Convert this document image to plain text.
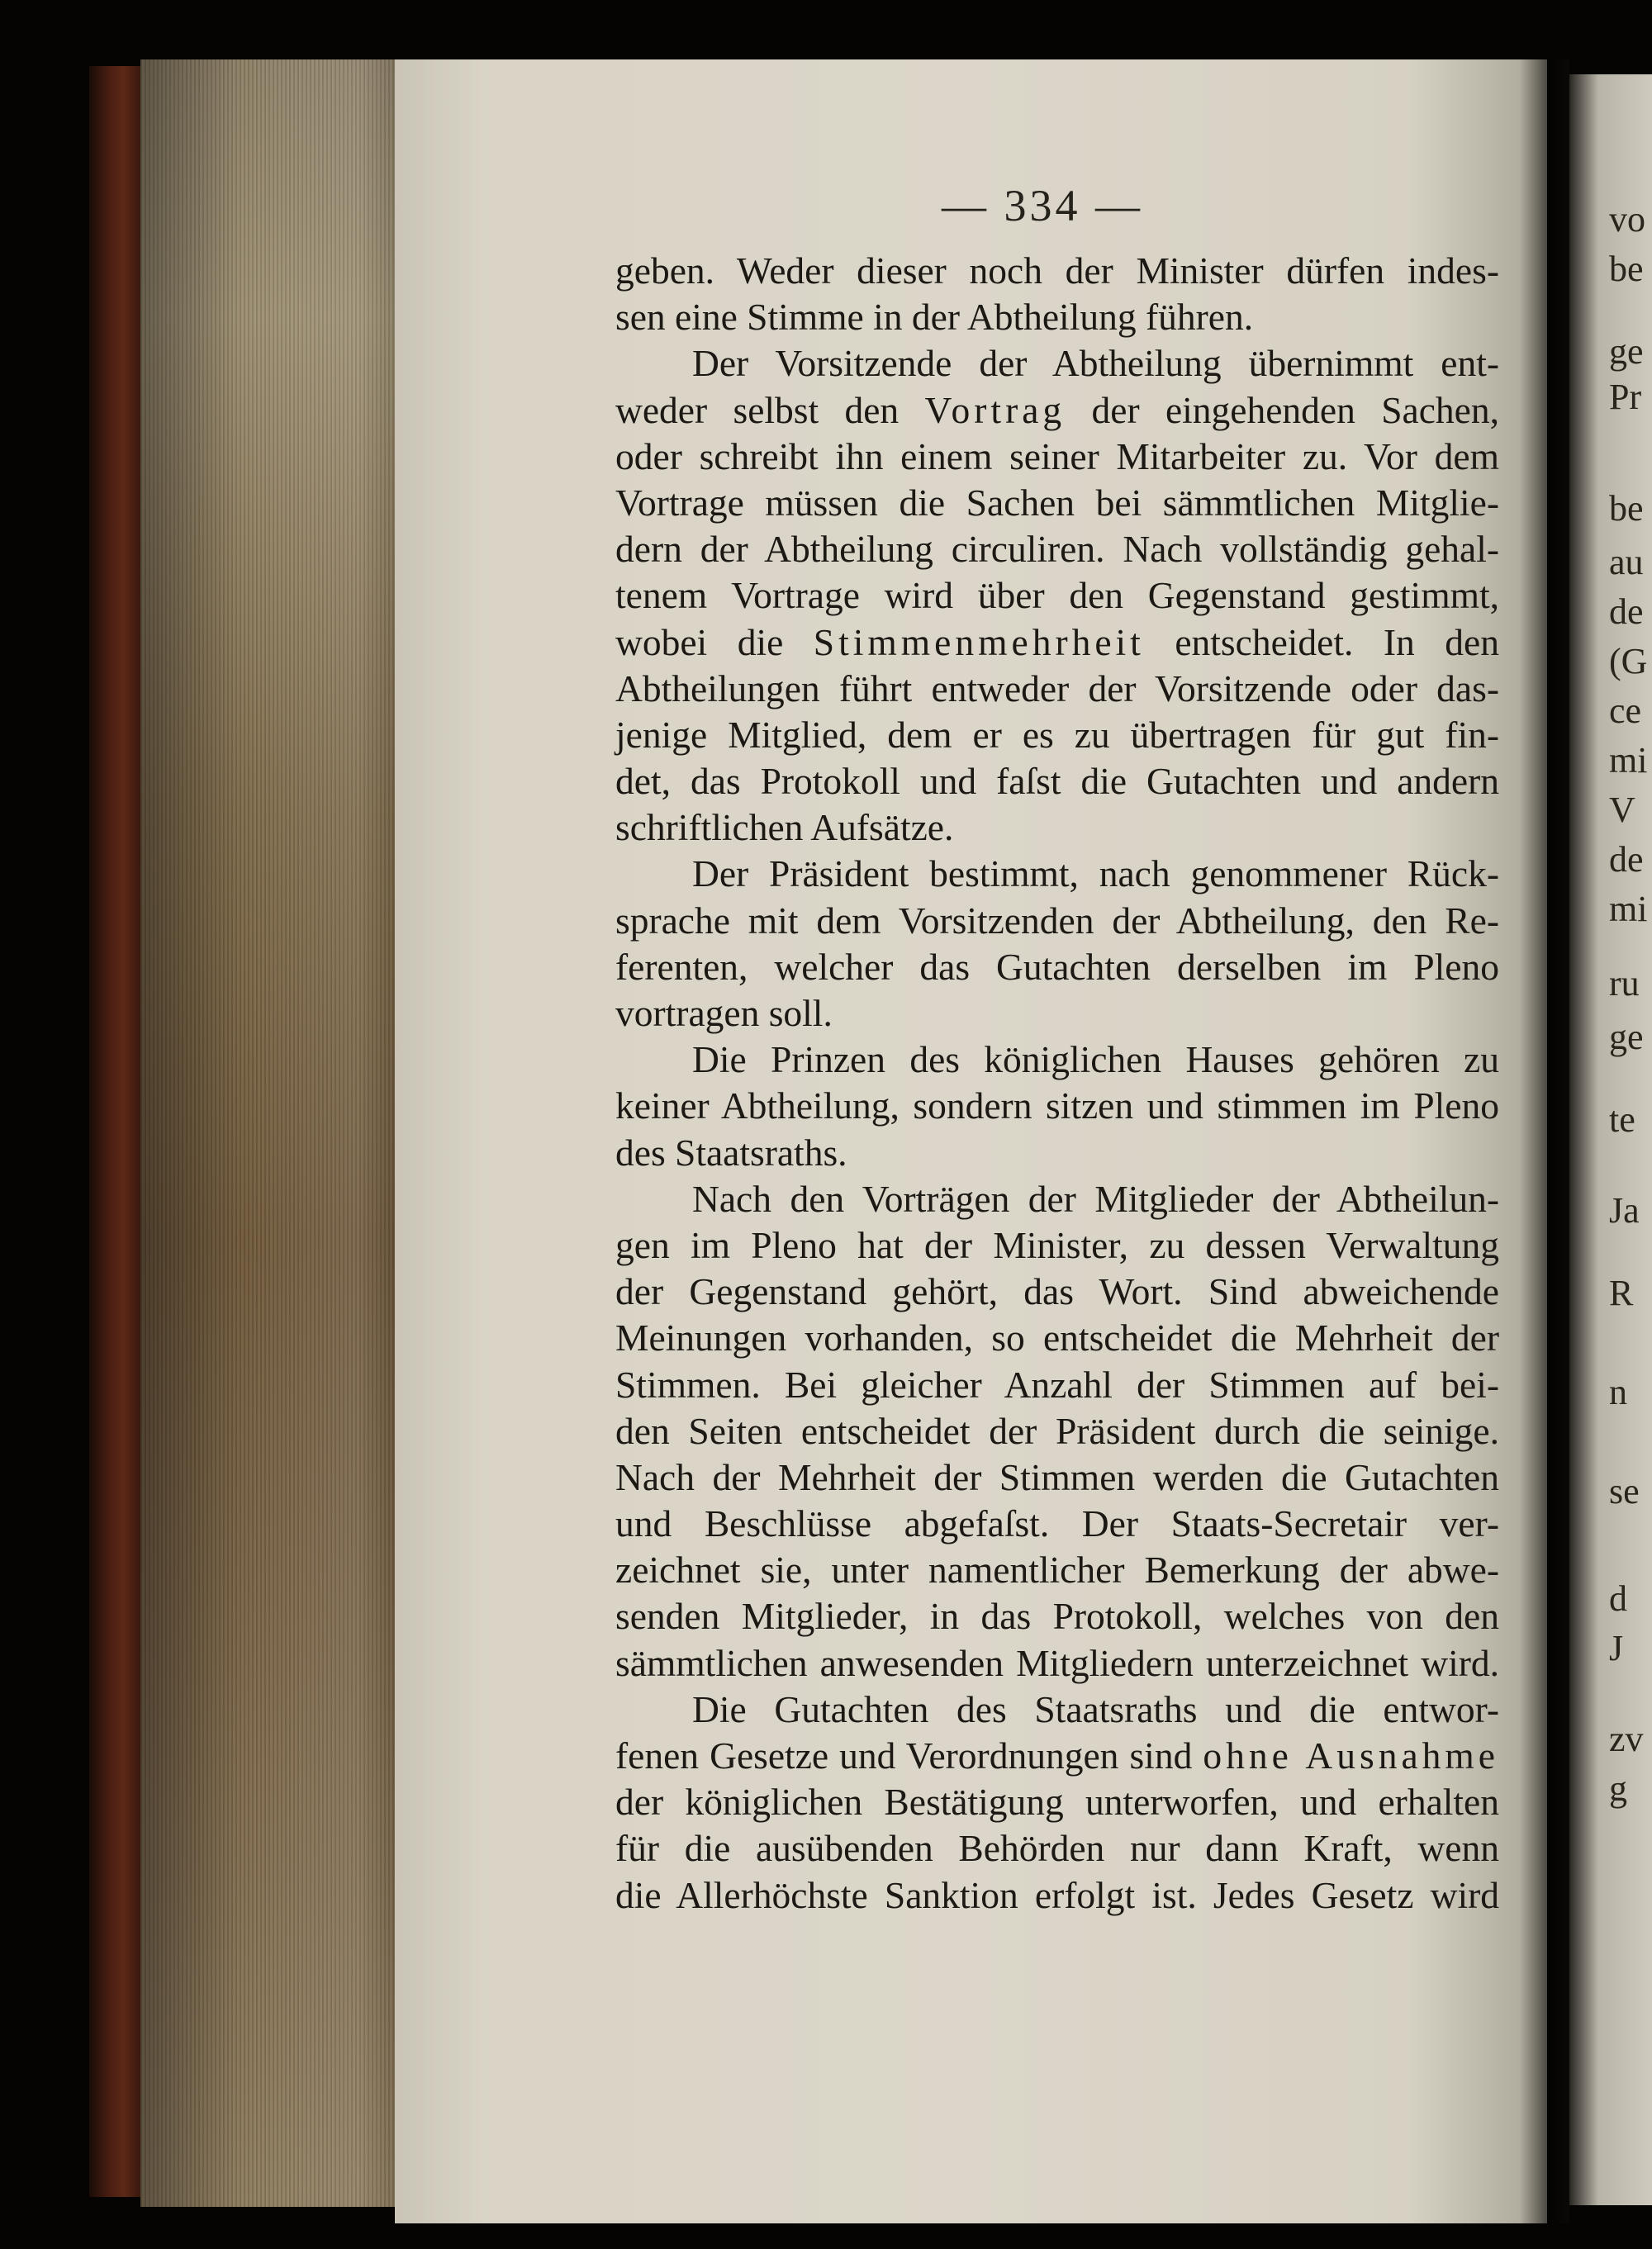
vo
be
ge
Pr
be
au
de
(G
ce
mi
V
de
mi
ru
ge
te
Ja
R
n
se
d
J
zv
g
— 334 —
geben. Weder dieser noch der Minister dürfen indes-
sen eine Stimme in der Abtheilung führen.
Der Vorsitzende der Abtheilung übernimmt ent-
weder selbst den Vortrag der eingehenden Sachen,
oder schreibt ihn einem seiner Mitarbeiter zu. Vor dem
Vortrage müssen die Sachen bei sämmtlichen Mitglie-
dern der Abtheilung circuliren. Nach vollständig gehal-
tenem Vortrage wird über den Gegenstand gestimmt,
wobei die Stimmenmehrheit entscheidet. In den
Abtheilungen führt entweder der Vorsitzende oder das-
jenige Mitglied, dem er es zu übertragen für gut fin-
det, das Protokoll und faſst die Gutachten und andern
schriftlichen Aufsätze.
Der Präsident bestimmt, nach genommener Rück-
sprache mit dem Vorsitzenden der Abtheilung, den Re-
ferenten, welcher das Gutachten derselben im Pleno
vortragen soll.
Die Prinzen des königlichen Hauses gehören zu
keiner Abtheilung, sondern sitzen und stimmen im Pleno
des Staatsraths.
Nach den Vorträgen der Mitglieder der Abtheilun-
gen im Pleno hat der Minister, zu dessen Verwaltung
der Gegenstand gehört, das Wort. Sind abweichende
Meinungen vorhanden, so entscheidet die Mehrheit der
Stimmen. Bei gleicher Anzahl der Stimmen auf bei-
den Seiten entscheidet der Präsident durch die seinige.
Nach der Mehrheit der Stimmen werden die Gutachten
und Beschlüsse abgefaſst. Der Staats-Secretair ver-
zeichnet sie, unter namentlicher Bemerkung der abwe-
senden Mitglieder, in das Protokoll, welches von den
sämmtlichen anwesenden Mitgliedern unterzeichnet wird.
Die Gutachten des Staatsraths und die entwor-
fenen Gesetze und Verordnungen sind ohne Ausnahme
der königlichen Bestätigung unterworfen, und erhalten
für die ausübenden Behörden nur dann Kraft, wenn
die Allerhöchste Sanktion erfolgt ist. Jedes Gesetz wird
